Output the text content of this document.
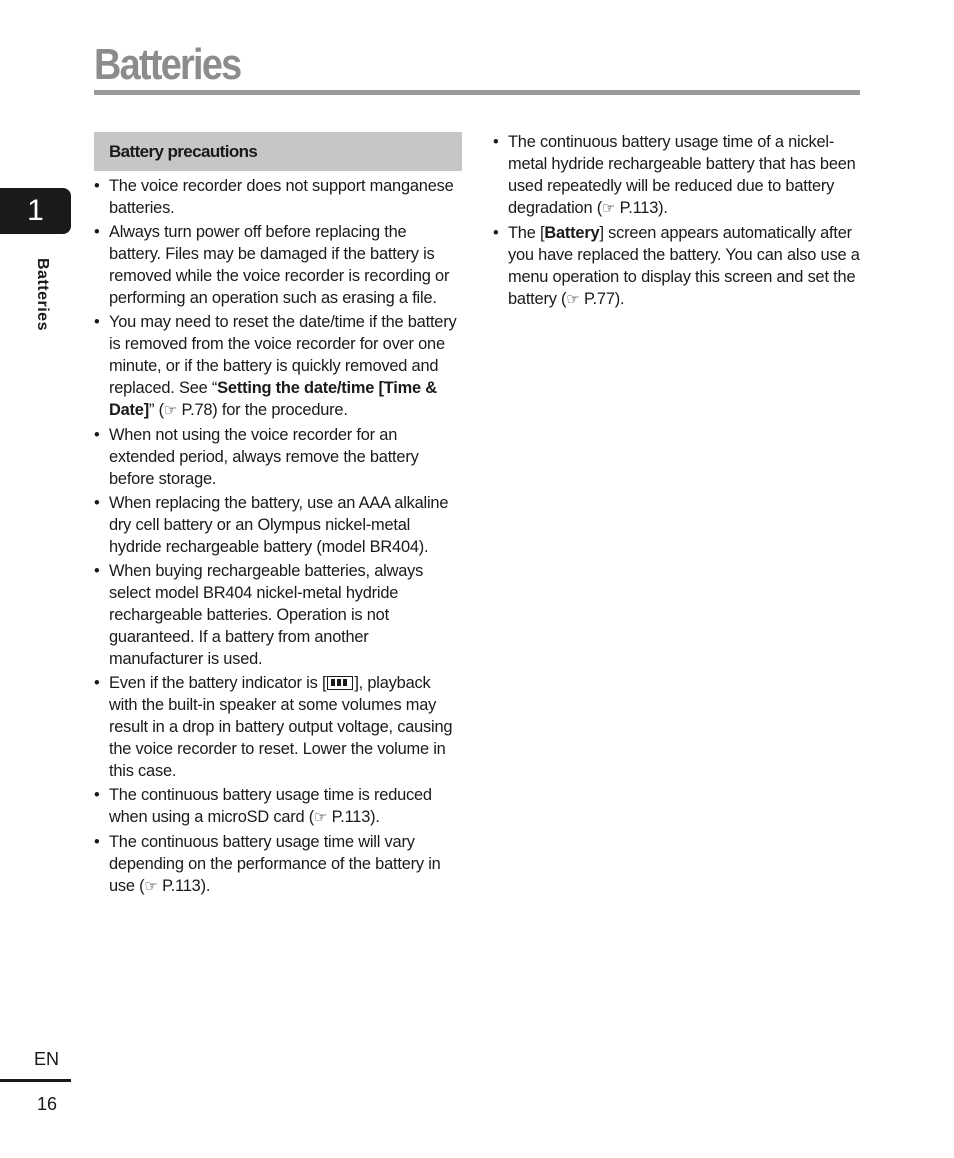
Batteries
1
Batteries
EN
16
Battery precautions
• The voice recorder does not support manganese batteries.
• Always turn power off before replacing the battery. Files may be damaged if the battery is removed while the voice recorder is recording or performing an operation such as erasing a file.
• You may need to reset the date/time if the battery is removed from the voice recorder for over one minute, or if the battery is quickly removed and replaced. See “Setting the date/time [Time & Date]” (☞ P.78) for the procedure.
• When not using the voice recorder for an extended period, always remove the battery before storage.
• When replacing the battery, use an AAA alkaline dry cell battery or an Olympus nickel-metal hydride rechargeable battery (model BR404).
• When buying rechargeable batteries, always select model BR404 nickel-metal hydride rechargeable batteries. Operation is not guaranteed. If a battery from another manufacturer is used.
• Even if the battery indicator is [ ], playback with the built-in speaker at some volumes may result in a drop in battery output voltage, causing the voice recorder to reset. Lower the volume in this case.
• The continuous battery usage time is reduced when using a microSD card (☞ P.113).
• The continuous battery usage time will vary depending on the performance of the battery in use (☞ P.113).
• The continuous battery usage time of a nickel-metal hydride rechargeable battery that has been used repeatedly will be reduced due to battery degradation (☞ P.113).
• The [Battery] screen appears automatically after you have replaced the battery. You can also use a menu operation to display this screen and set the battery (☞ P.77).
